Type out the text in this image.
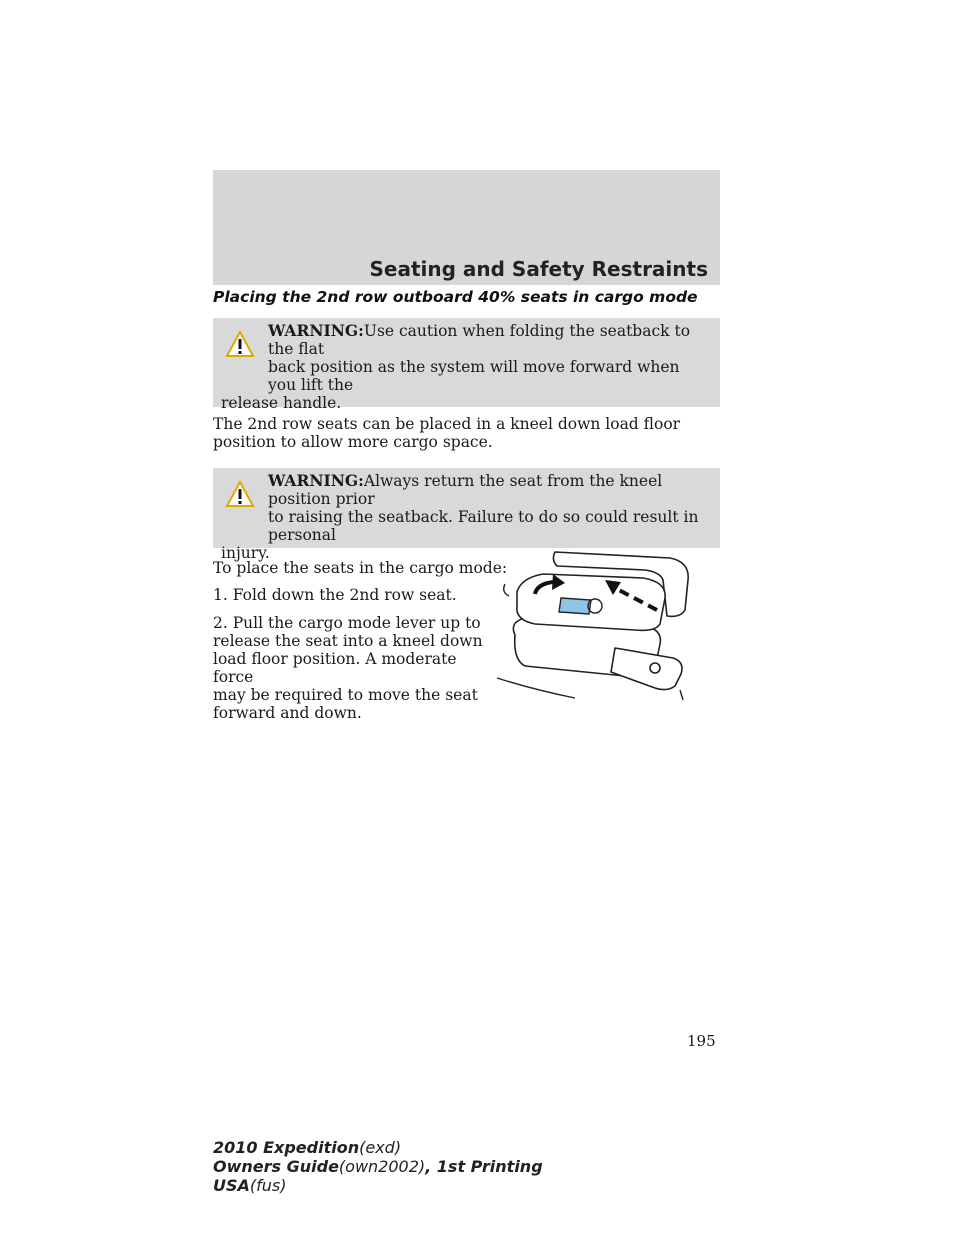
Seating and Safety Restraints
Placing the 2nd row outboard 40% seats in cargo mode
WARNING:Use caution when folding the seatback to the flat
back position as the system will move forward when you lift the
release handle.

The 2nd row seats can be placed in a kneel down load floor position to allow more cargo space.

WARNING:Always return the seat from the kneel position prior
to raising the seatback. Failure to do so could result in personal
injury.

To place the seats in the cargo mode:

1. Fold down the 2nd row seat.

2. Pull the cargo mode lever up to
release the seat into a kneel down
load floor position. A moderate force
may be required to move the seat
forward and down.
195
2010 Expedition(exd)
Owners Guide(own2002), 1st Printing
USA(fus)
